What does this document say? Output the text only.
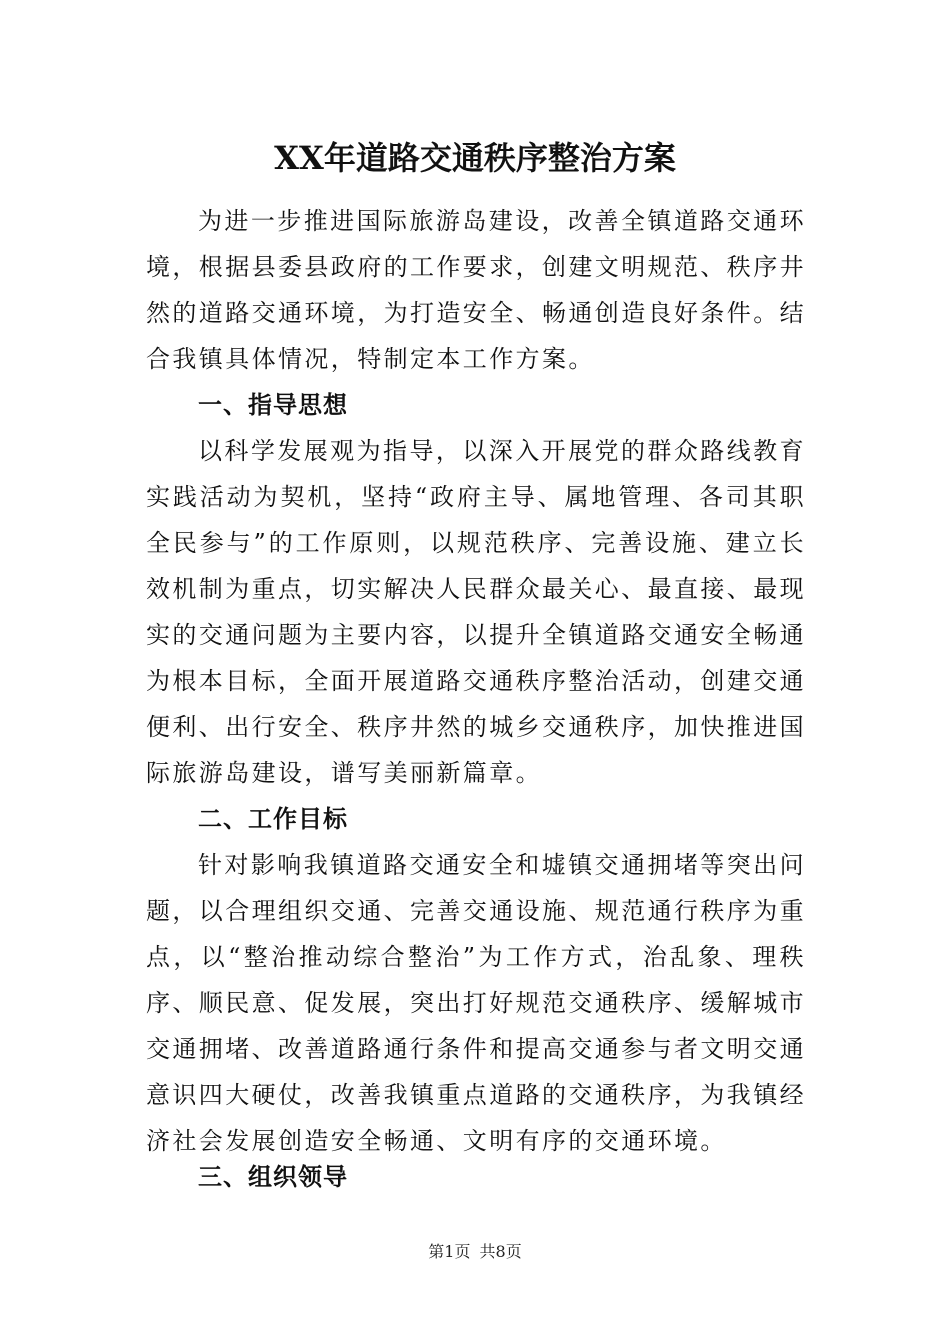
XX年道路交通秩序整治方案

为进一步推进国际旅游岛建设，改善全镇道路交通环境，根据县委县政府的工作要求，创建文明规范、秩序井然的道路交通环境，为打造安全、畅通创造良好条件。结合我镇具体情况，特制定本工作方案。

一、指导思想

以科学发展观为指导，以深入开展党的群众路线教育实践活动为契机，坚持“政府主导、属地管理、各司其职全民参与”的工作原则，以规范秩序、完善设施、建立长效机制为重点，切实解决人民群众最关心、最直接、最现实的交通问题为主要内容，以提升全镇道路交通安全畅通为根本目标，全面开展道路交通秩序整治活动，创建交通便利、出行安全、秩序井然的城乡交通秩序，加快推进国际旅游岛建设，谱写美丽新篇章。

二、工作目标

针对影响我镇道路交通安全和墟镇交通拥堵等突出问题，以合理组织交通、完善交通设施、规范通行秩序为重点，以“整治推动综合整治”为工作方式，治乱象、理秩序、顺民意、促发展，突出打好规范交通秩序、缓解城市交通拥堵、改善道路通行条件和提高交通参与者文明交通意识四大硬仗，改善我镇重点道路的交通秩序，为我镇经济社会发展创造安全畅通、文明有序的交通环境。

三、组织领导
第1页 共8页
